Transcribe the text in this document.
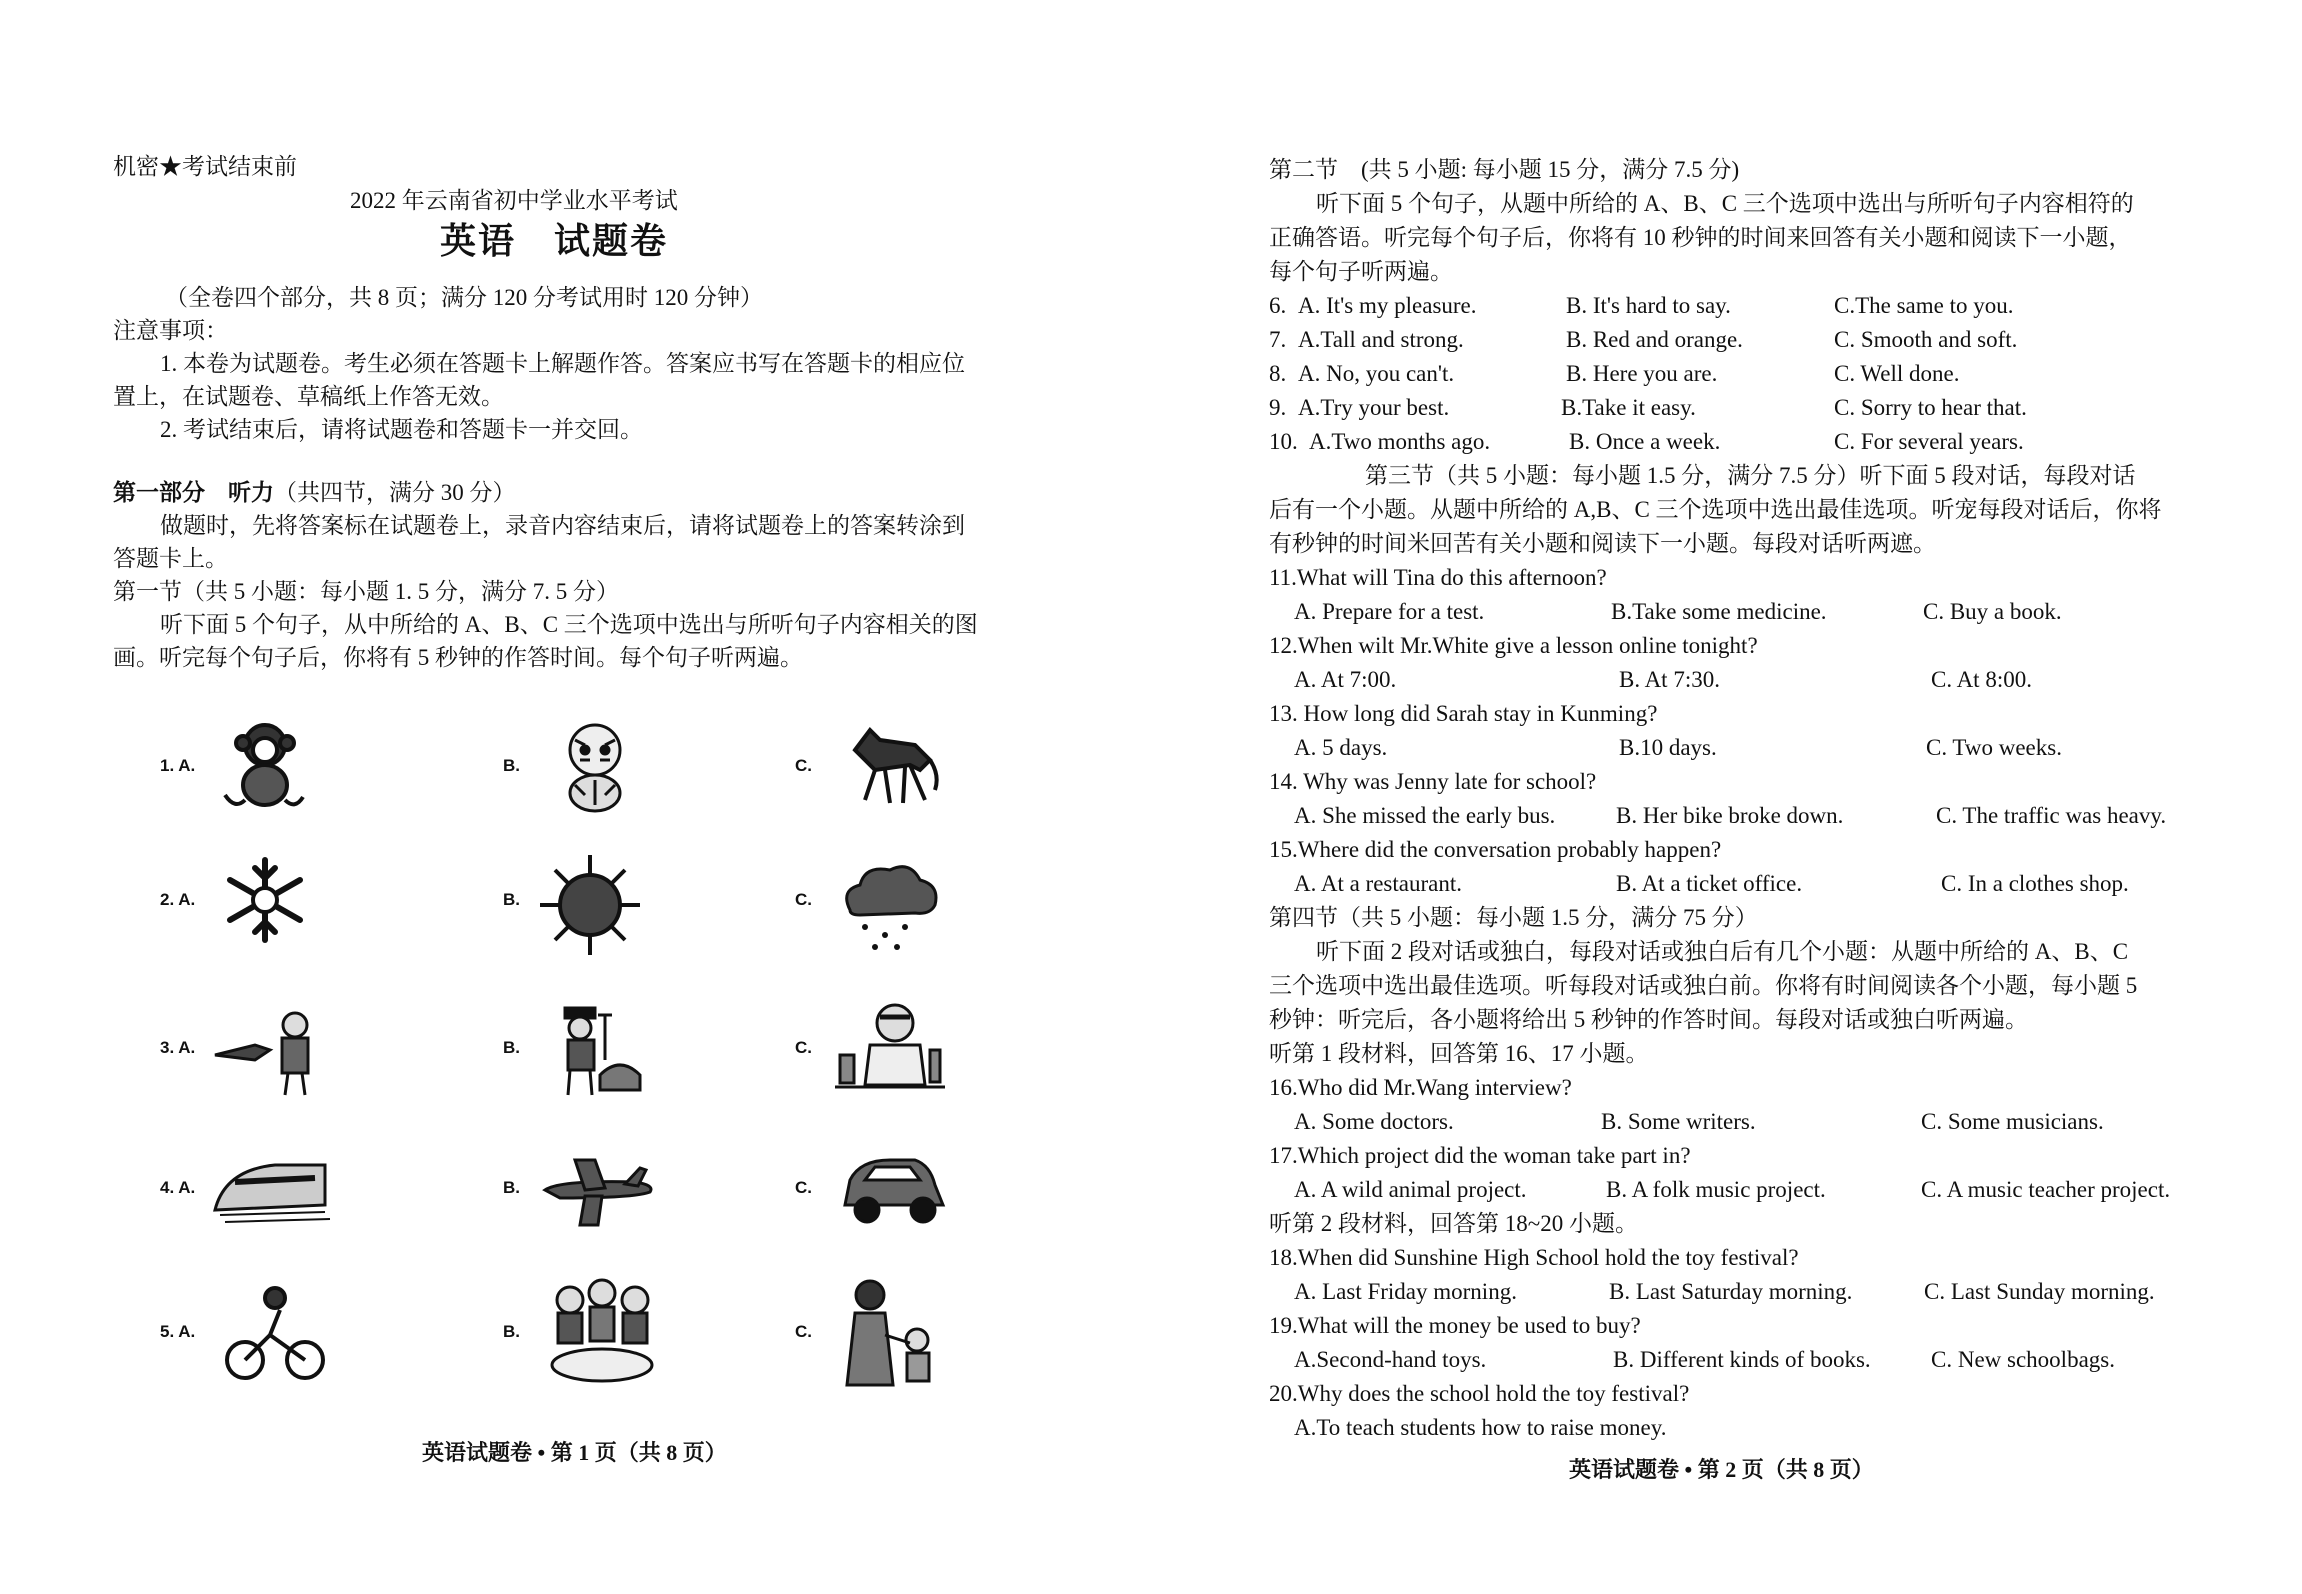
机密★考试结束前
2022 年云南省初中学业水平考试
英语　试题卷
（全卷四个部分，共 8 页；满分 120 分考试用时 120 分钟）
注意事项：
1. 本卷为试题卷。考生必须在答题卡上解题作答。答案应书写在答题卡的相应位
置上，在试题卷、草稿纸上作答无效。
2. 考试结束后，请将试题卷和答题卡一并交回。
第一部分　听力（共四节，满分 30 分）
做题时，先将答案标在试题卷上，录音内容结束后，请将试题卷上的答案转涂到
答题卡上。
第一节（共 5 小题：每小题 1. 5 分，满分 7. 5 分）
听下面 5 个句子，从中所给的 A、B、C 三个选项中选出与所听句子内容相关的图
画。听完每个句子后，你将有 5 秒钟的作答时间。每个句子听两遍。
1. A.	B.	C.
2. A.	B.	C.
3. A.	B.	C.
4. A.	B.	C.
5. A.	B.	C.
英语试题卷 • 第 1 页（共 8 页）
第二节　(共 5 小题: 每小题 15 分，满分 7.5 分)
听下面 5 个句子，从题中所给的 A、B、C 三个选项中选出与所听句子内容相符的
正确答语。听完每个句子后，你将有 10 秒钟的时间来回答有关小题和阅读下一小题，
每个句子听两遍。
6. A. It's my pleasure.	B. It's hard to say.	C.The same to you.
7. A.Tall and strong.	B. Red and orange.	C. Smooth and soft.
8. A. No, you can't.	B. Here you are.	C. Well done.
9. A.Try your best.	B.Take it easy.	C. Sorry to hear that.
10. A.Two months ago.	B. Once a week.	C. For several years.
第三节（共 5 小题：每小题 1.5 分，满分 7.5 分）听下面 5 段对话，每段对话
后有一个小题。从题中所给的 A,B、C 三个选项中选出最佳选项。听宠每段对话后，你将
有秒钟的时间米回苦有关小题和阅读下一小题。每段对话听两遮。
11.What will Tina do this afternoon?
A. Prepare for a test.	B.Take some medicine.	C. Buy a book.
12.When wilt Mr.White give a lesson online tonight?
A. At 7:00.	B. At 7:30.	C. At 8:00.
13. How long did Sarah stay in Kunming?
A. 5 days.	B.10 days.	C. Two weeks.
14. Why was Jenny late for school?
A. She missed the early bus.	B. Her bike broke down.	C. The traffic was heavy.
15.Where did the conversation probably happen?
A. At a restaurant.	B. At a ticket office.	C. In a clothes shop.
第四节（共 5 小题：每小题 1.5 分，满分 75 分）
听下面 2 段对话或独白，每段对话或独白后有几个小题：从题中所给的 A、B、C
三个选项中选出最佳选项。听每段对话或独白前。你将有时间阅读各个小题，每小题 5
秒钟：听完后，各小题将给出 5 秒钟的作答时间。每段对话或独白听两遍。
听第 1 段材料，回答第 16、17 小题。
16.Who did Mr.Wang interview?
A. Some doctors.	B. Some writers.	C. Some musicians.
17.Which project did the woman take part in?
A. A wild animal project.	B. A folk music project.	C. A music teacher project.
听第 2 段材料，回答第 18~20 小题。
18.When did Sunshine High School hold the toy festival?
A. Last Friday morning.	B. Last Saturday morning.	C. Last Sunday morning.
19.What will the money be used to buy?
A.Second-hand toys.	B. Different kinds of books.	C. New schoolbags.
20.Why does the school hold the toy festival?
A.To teach students how to raise money.
英语试题卷 • 第 2 页（共 8 页）
